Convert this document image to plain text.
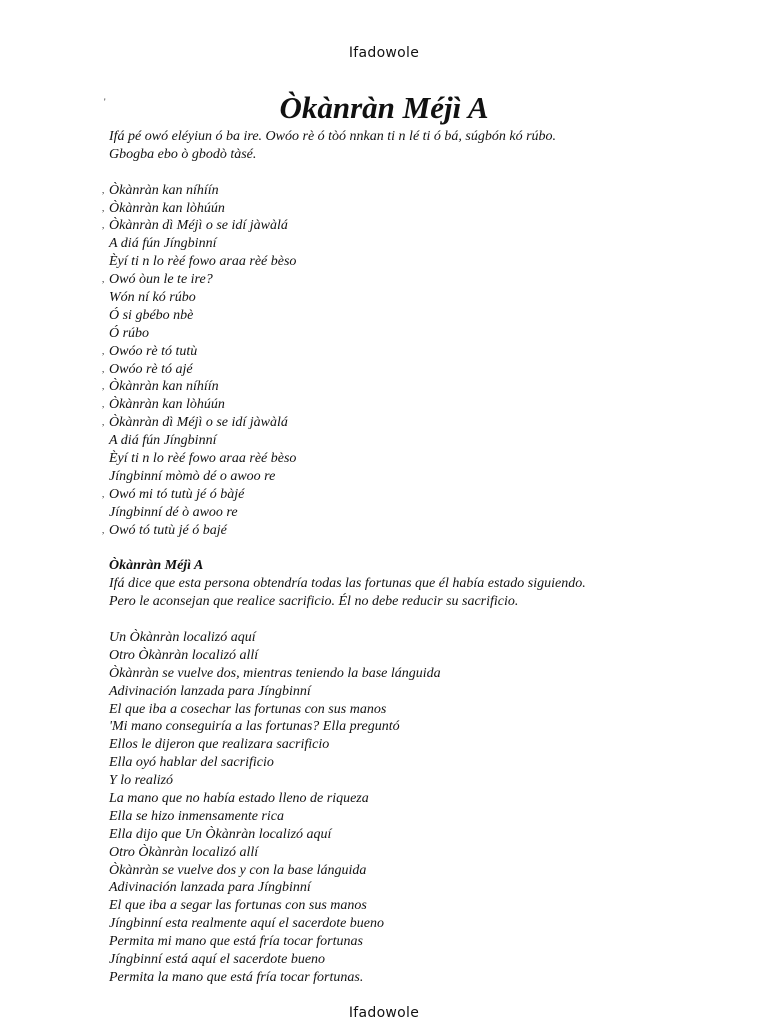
Ifadowole
'	Òkànràn Méjì A
Ifá pé owó eléyiun ó ba ire. Owóo rè ó tòó nnkan ti n lé ti ó bá, súgbón kó rúbo.
Gbogba ebo ò gbodò tàsé.
, Òkànràn kan níhíín
, Òkànràn kan lòhúún
, Òkànràn dì Méjì o se idí jàwàlá
A diá fún Jíngbinní
Èyí ti n lo rèé fowo araa rèé bèso
, Owó òun le te ire?
Wón ní kó rúbo
Ó si gbébo nbè
Ó rúbo
, Owóo rè tó tutù
, Owóo rè tó ajé
, Òkànràn kan níhíín
, Òkànràn kan lòhúún
, Òkànràn dì Méjì o se idí jàwàlá
A diá fún Jíngbinní
Èyí ti n lo rèé fowo araa rèé bèso
Jíngbinní mòmò dé o awoo re
, Owó mi tó tutù jé ó bàjé
Jíngbinní dé ò awoo re
, Owó tó tutù jé ó bajé
Òkànràn Méjì A
Ifá dice que esta persona obtendría todas las fortunas que él había estado siguiendo.
Pero le aconsejan que realice sacrificio. Él no debe reducir su sacrificio.
Un Òkànràn localizó aquí
Otro Òkànràn localizó allí
Òkànràn se vuelve dos, mientras teniendo la base lánguida
Adivinación lanzada para Jíngbinní
El que iba a cosechar las fortunas con sus manos
'Mi mano conseguiría a las fortunas? Ella preguntó
Ellos le dijeron que realizara sacrificio
Ella oyó hablar del sacrificio
Y lo realizó
La mano que no había estado lleno de riqueza
Ella se hizo inmensamente rica
Ella dijo que Un Òkànràn localizó aquí
Otro Òkànràn localizó allí
Òkànràn se vuelve dos y con la base lánguida
Adivinación lanzada para Jíngbinní
El que iba a segar las fortunas con sus manos
Jíngbinní esta realmente aquí el sacerdote bueno
Permita mi mano que está fría tocar fortunas
Jíngbinní está aquí el sacerdote bueno
Permita la mano que está fría tocar fortunas.
Ifadowole
